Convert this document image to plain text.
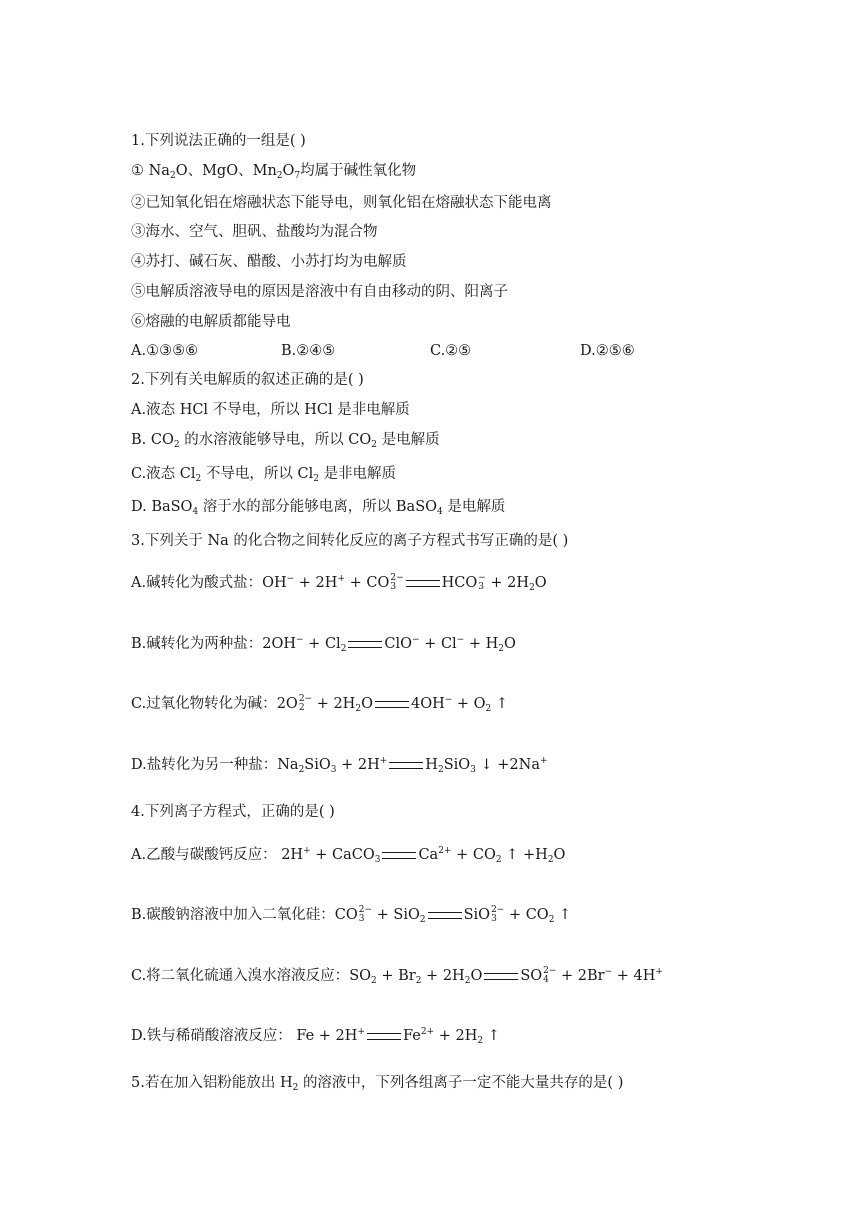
1.下列说法正确的一组是( )
① $Na_2O$、MgO、$Mn_2O_7$均属于碱性氧化物
②已知氧化铝在熔融状态下能导电，则氧化铝在熔融状态下能电离
③海水、空气、胆矾、盐酸均为混合物
④苏打、碱石灰、醋酸、小苏打均为电解质
⑤电解质溶液导电的原因是溶液中有自由移动的阴、阳离子
⑥熔融的电解质都能导电
A.①③⑤⑥	B.②④⑤	C.②⑤	D.②⑤⑥
2.下列有关电解质的叙述正确的是( )
A.液态 HCl 不导电，所以 HCl 是非电解质
B. $CO_2$ 的水溶液能够导电，所以 $CO_2$ 是电解质
C.液态 $Cl_2$ 不导电，所以 $Cl_2$ 是非电解质
D. BaSO$_4$ 溶于水的部分能够电离，所以 BaSO$_4$ 是电解质
3.下列关于 Na 的化合物之间转化反应的离子方程式书写正确的是( )
A.碱转化为酸式盐：OH− + 2H+ + CO 2−
3	HCO −
$3 + 2H_2O$
B.碱转化为两种盐：$2OH^- + Cl_2$	$ClO^- + Cl^- + H_2O$
C.过氧化物转化为碱：2O 2−
$2 + 2H_2O$	$4OH^- + O_2$ ↑
D.盐转化为另一种盐：$Na_2SiO_3 + 2H^+$	$H_2SiO_3$ ↓ +2Na+
4.下列离子方程式，正确的是( )
A.乙酸与碳酸钙反应： 2H+ + CaCO$_3$	$Ca^{2+} + CO_2$ ↑ $+H_2O$
B.碳酸钠溶液中加入二氧化硅：CO 2−
3 + SiO$_2$	SiO 2−
$3 + CO_2$ ↑
C.将二氧化硫通入溴水溶液反应：$SO_2 + Br_2 + 2H_2O$	SO 2−
4 + 2Br− + 4H+
D.铁与稀硝酸溶液反应： Fe + 2H+	$Fe^{2+} + 2H_2$ ↑
5.若在加入铝粉能放出 $H_2$ 的溶液中，下列各组离子一定不能大量共存的是( )
